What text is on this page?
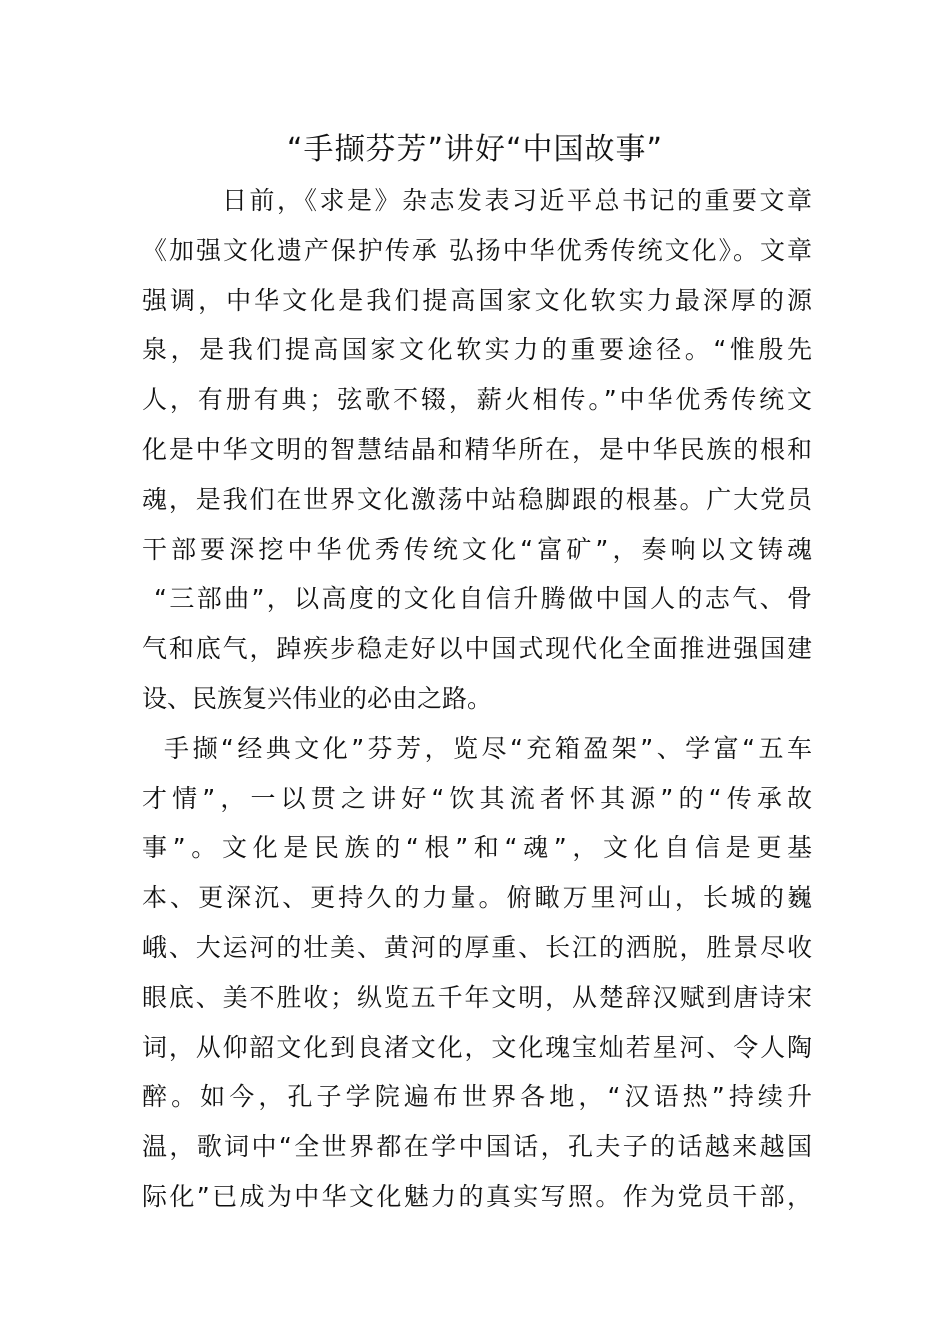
“手撷芬芳”讲好“中国故事”
日前，《求是》杂志发表习近平总书记的重要文章
《加强文化遗产保护传承 弘扬中华优秀传统文化》。文章
强调，中华文化是我们提高国家文化软实力最深厚的源
泉，是我们提高国家文化软实力的重要途径。“惟殷先
人，有册有典；弦歌不辍，薪火相传。”中华优秀传统文
化是中华文明的智慧结晶和精华所在，是中华民族的根和
魂，是我们在世界文化激荡中站稳脚跟的根基。广大党员
干部要深挖中华优秀传统文化“富矿”，奏响以文铸魂
“三部曲”，以高度的文化自信升腾做中国人的志气、骨
气和底气，踔疾步稳走好以中国式现代化全面推进强国建
设、民族复兴伟业的必由之路。
手撷“经典文化”芬芳，览尽“充箱盈架”、学富“五车
才情”，一以贯之讲好“饮其流者怀其源”的“传承故
事”。文化是民族的“根”和“魂”，文化自信是更基
本、更深沉、更持久的力量。俯瞰万里河山，长城的巍
峨、大运河的壮美、黄河的厚重、长江的洒脱，胜景尽收
眼底、美不胜收；纵览五千年文明，从楚辞汉赋到唐诗宋
词，从仰韶文化到良渚文化，文化瑰宝灿若星河、令人陶
醉。如今，孔子学院遍布世界各地，“汉语热”持续升
温，歌词中“全世界都在学中国话，孔夫子的话越来越国
际化”已成为中华文化魅力的真实写照。作为党员干部，
